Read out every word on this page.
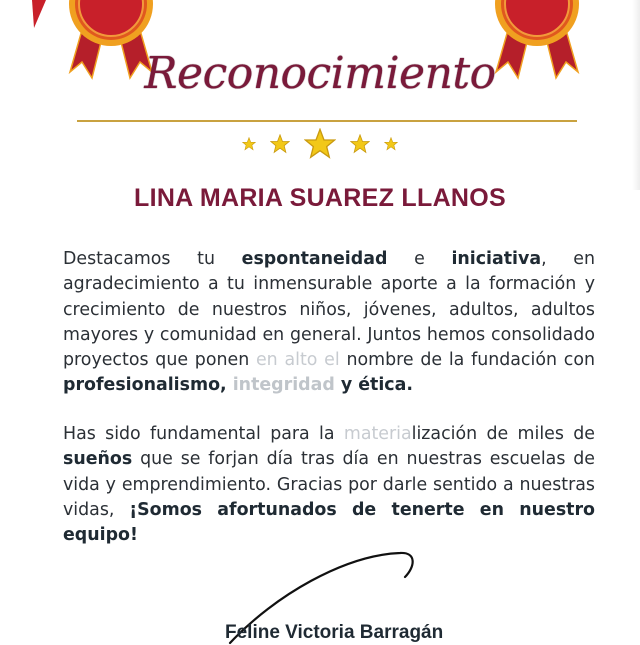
Reconocimiento
LINA MARIA SUAREZ LLANOS

Destacamos tu espontaneidad e iniciativa, en agradecimiento a tu inmensurable aporte a la formación y crecimiento de nuestros niños, jóvenes, adultos, adultos mayores y comunidad en general. Juntos hemos consolidado proyectos que ponen en alto el nombre de la fundación con profesionalismo, integridad y ética.

Has sido fundamental para la materialización de miles de sueños que se forjan día tras día en nuestras escuelas de vida y emprendimiento. Gracias por darle sentido a nuestras vidas, ¡Somos afortunados de tenerte en nuestro equipo!

Feline Victoria Barragán
